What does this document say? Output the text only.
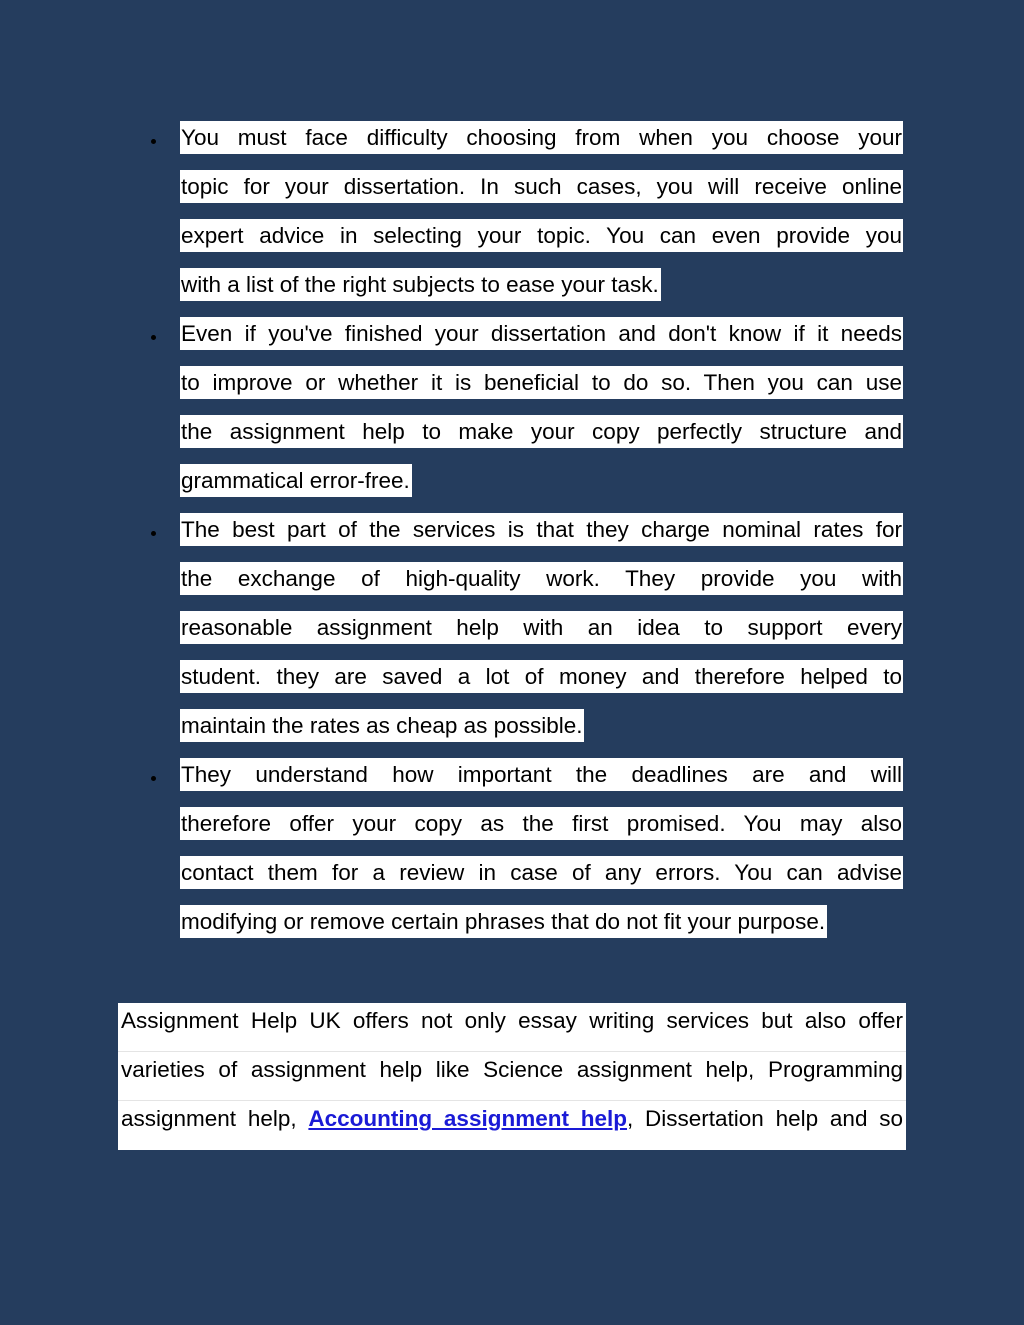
You must face difficulty choosing from when you choose your
topic for your dissertation. In such cases, you will receive online
expert advice in selecting your topic. You can even provide you
with a list of the right subjects to ease your task.
Even if you've finished your dissertation and don't know if it needs
to improve or whether it is beneficial to do so. Then you can use
the assignment help to make your copy perfectly structure and
grammatical error-free.
The best part of the services is that they charge nominal rates for
the exchange of high-quality work. They provide you with
reasonable assignment help with an idea to support every
student. they are saved a lot of money and therefore helped to
maintain the rates as cheap as possible.
They understand how important the deadlines are and will
therefore offer your copy as the first promised. You may also
contact them for a review in case of any errors. You can advise
modifying or remove certain phrases that do not fit your purpose.
Assignment Help UK offers not only essay writing services but also offer
varieties of assignment help like Science assignment help, Programming
assignment help, Accounting assignment help, Dissertation help and so
